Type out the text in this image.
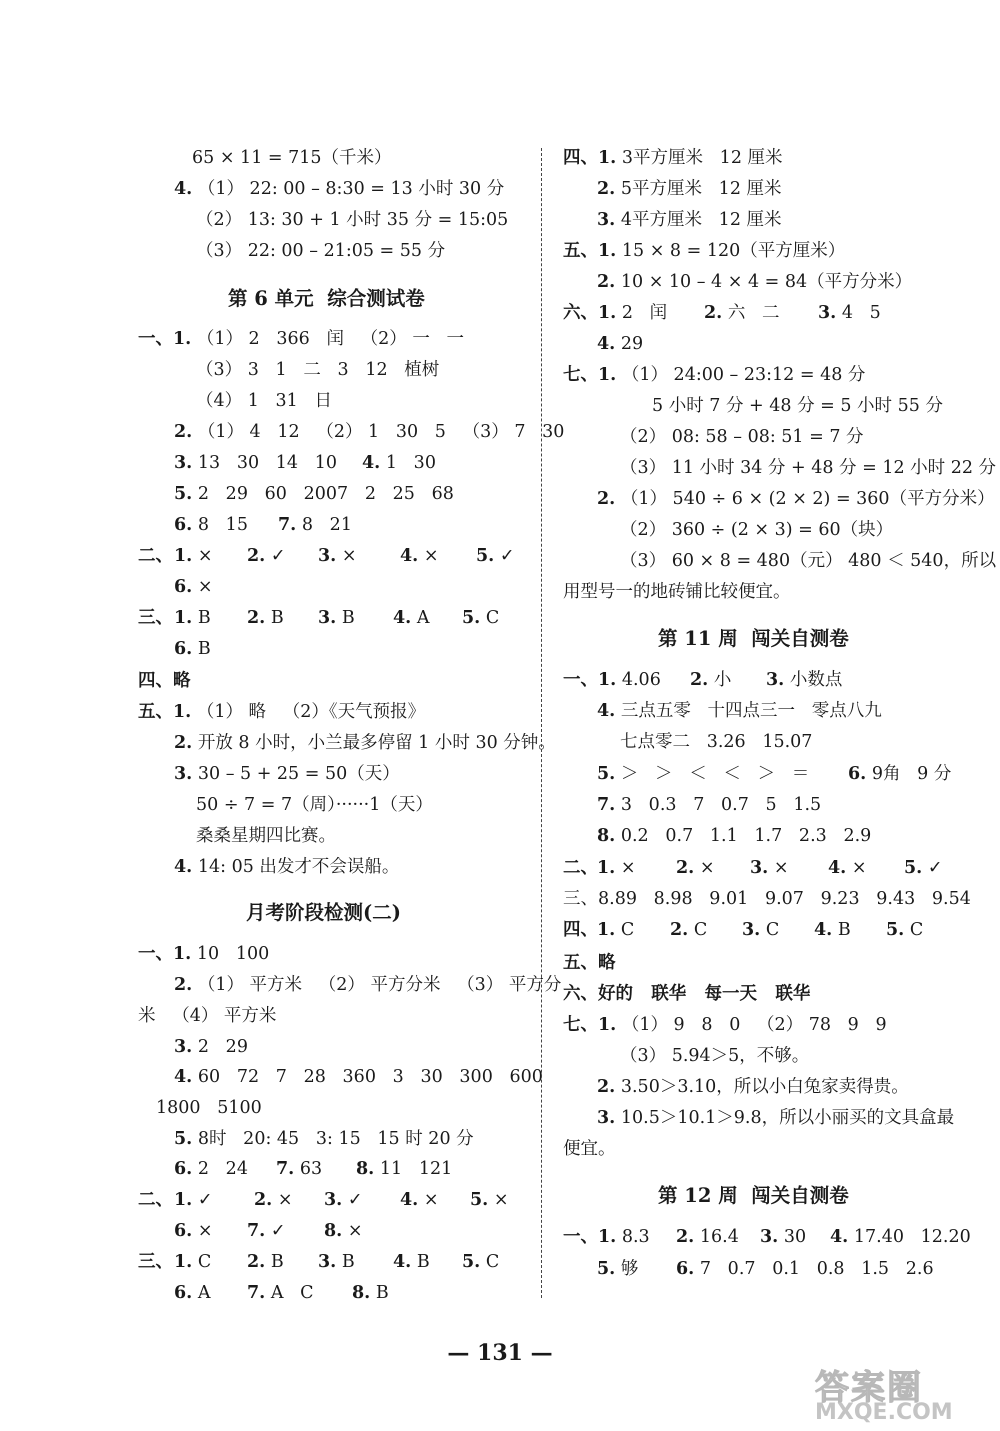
65 × 11 = 715（千米）
4. （1） 22: 00 – 8:30 = 13 小时 30 分
（2） 13: 30 + 1 小时 35 分 = 15:05
（3） 22: 00 – 21:05 = 55 分
第 6 单元  综合测试卷
一、1. （1） 2   366   闰   （2） 一   一
（3） 3   1   二   3   12   植树
（4） 1   31   日
2. （1） 4   12   （2） 1   30   5   （3） 7   30
3. 13   30   14   10 4. 1   30
5. 2   29   60   2007   2   25   68
6. 8   15 7. 8   21
二、 1. × 2. ✓ 3. × 4. × 5. ✓
6. ×
三、 1. B 2. B 3. B 4. A 5. C
6. B
四、略
五、1. （1） 略   （2）《天气预报》
2. 开放 8 小时，小兰最多停留 1 小时 30 分钟。
3. 30 – 5 + 25 = 50（天）
50 ÷ 7 = 7（周）······1（天）
桑桑星期四比赛。
4. 14: 05 出发才不会误船。
月考阶段检测(二)
一、1. 10   100
2. （1） 平方米   （2） 平方分米   （3） 平方分
米   （4） 平方米
3. 2   29
4. 60   72   7   28   360   3   30   300   600
1800   5100
5. 8时   20: 45   3: 15   15 时 20 分
6. 2   24 7. 63 8. 11   121
二、 1. ✓ 2. × 3. ✓ 4. × 5. ×
6. × 7. ✓ 8. ×
三、 1. C 2. B 3. B 4. B 5. C
6. A 7. A   C 8. B
四、1. 3平方厘米   12 厘米
2. 5平方厘米   12 厘米
3. 4平方厘米   12 厘米
五、1. 15 × 8 = 120（平方厘米）
2. 10 × 10 – 4 × 4 = 84（平方分米）
六、1. 2   闰 2. 六   二 3. 4   5
4. 29
七、1. （1） 24:00 – 23:12 = 48 分
5 小时 7 分 + 48 分 = 5 小时 55 分
（2） 08: 58 – 08: 51 = 7 分
（3） 11 小时 34 分 + 48 分 = 12 小时 22 分
2. （1） 540 ÷ 6 × (2 × 2) = 360（平方分米）
（2） 360 ÷ (2 × 3) = 60（块）
（3） 60 × 8 = 480（元） 480 ＜ 540，所以
用型号一的地砖铺比较便宜。
第 11 周  闯关自测卷
一、1. 4.06 2. 小 3. 小数点
4. 三点五零   十四点三一   零点八九
七点零二   3.26   15.07
5. ＞   ＞   ＜   ＜   ＞   ＝ 6. 9角   9 分
7. 3   0.3   7   0.7   5   1.5
8. 0.2   0.7   1.1   1.7   2.3   2.9
二、 1. × 2. × 3. × 4. × 5. ✓
三、8.89   8.98   9.01   9.07   9.23   9.43   9.54
四、 1. C 2. C 3. C 4. B 5. C
五、略
六、好的   联华   每一天   联华
七、1. （1） 9   8   0   （2） 78   9   9
（3） 5.94＞5，不够。
2. 3.50＞3.10，所以小白兔家卖得贵。
3. 10.5＞10.1＞9.8，所以小丽买的文具盒最
便宜。
第 12 周  闯关自测卷
一、1. 8.3 2. 16.4 3. 30 4. 17.40   12.20
5. 够 6. 7   0.7   0.1   0.8   1.5   2.6
— 131 —
答案圈
MXQE.COM
